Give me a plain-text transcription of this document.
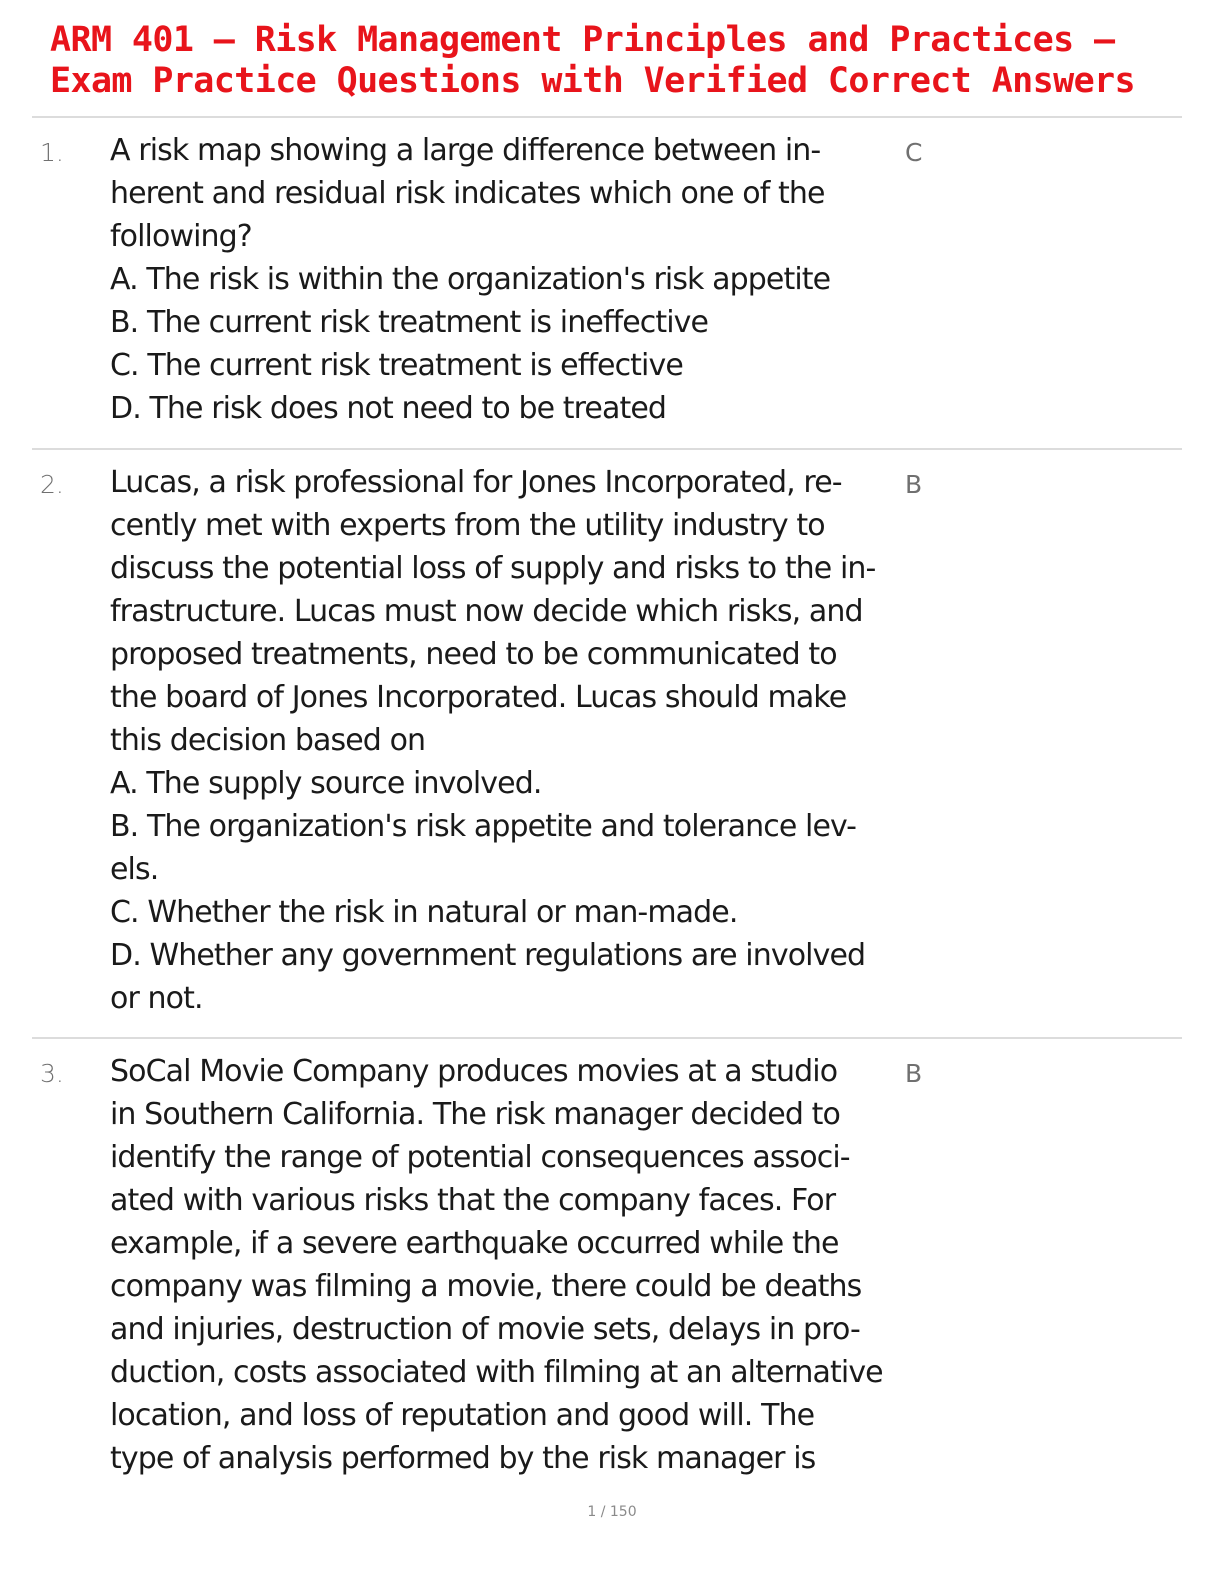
ARM 401 – Risk Management Principles and Practices –
Exam Practice Questions with Verified Correct Answers
1.	C
A risk map showing a large difference between in-
herent and residual risk indicates which one of the
following?
A. The risk is within the organization's risk appetite
B. The current risk treatment is ineffective
C. The current risk treatment is effective
D. The risk does not need to be treated
2.	B
Lucas, a risk professional for Jones Incorporated, re-
cently met with experts from the utility industry to
discuss the potential loss of supply and risks to the in-
frastructure. Lucas must now decide which risks, and
proposed treatments, need to be communicated to
the board of Jones Incorporated. Lucas should make
this decision based on
A. The supply source involved.
B. The organization's risk appetite and tolerance lev-
els.
C. Whether the risk in natural or man-made.
D. Whether any government regulations are involved
or not.
3.	B
SoCal Movie Company produces movies at a studio
in Southern California. The risk manager decided to
identify the range of potential consequences associ-
ated with various risks that the company faces. For
example, if a severe earthquake occurred while the
company was filming a movie, there could be deaths
and injuries, destruction of movie sets, delays in pro-
duction, costs associated with filming at an alternative
location, and loss of reputation and good will. The
type of analysis performed by the risk manager is
1 / 150
